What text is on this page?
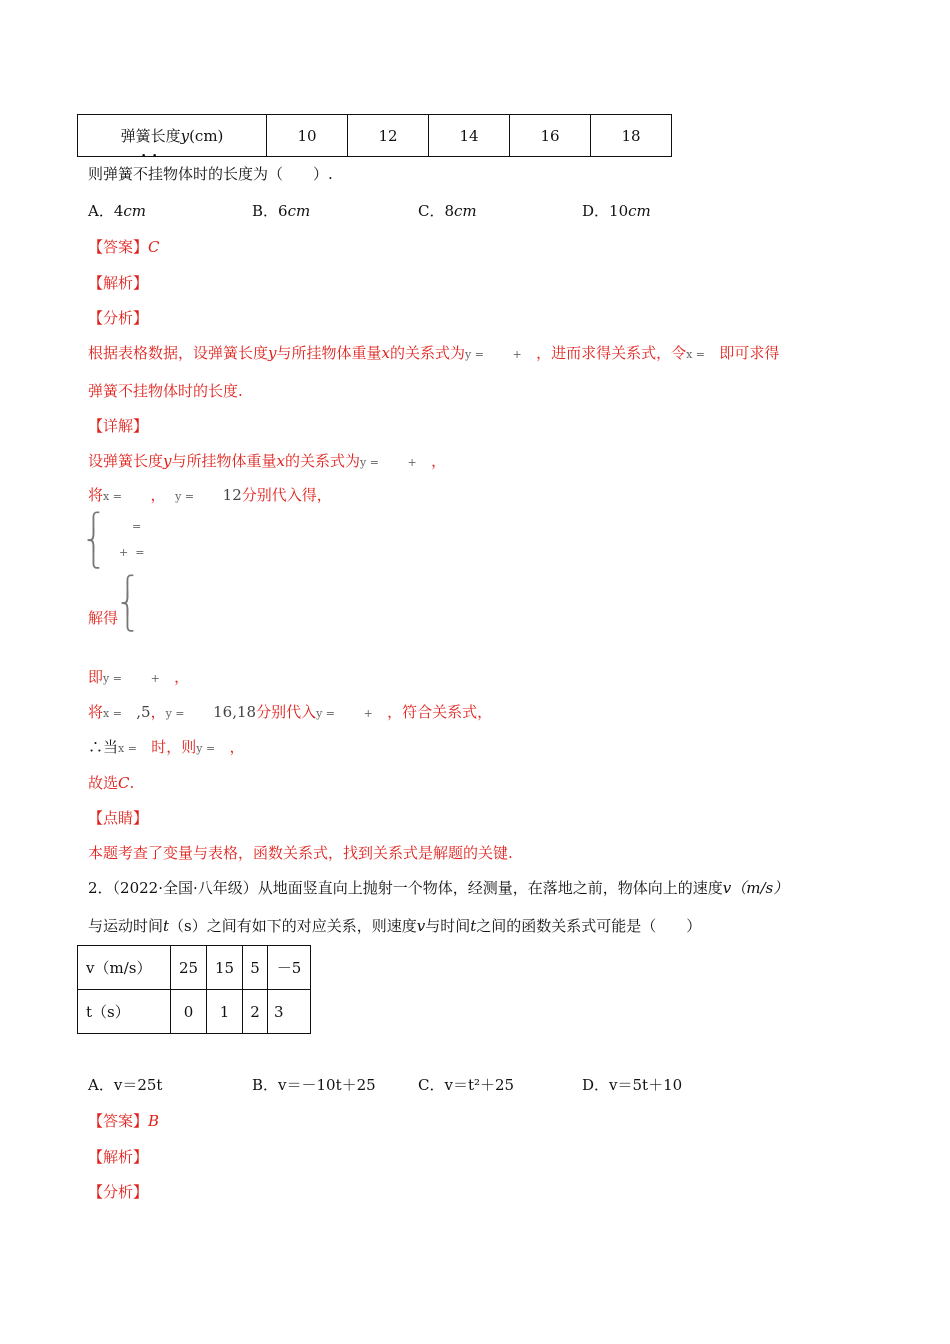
弹簧长度y(cm)	10	12	14	16	18
•  •
则弹簧不挂物体时的长度为（　　）.
A．4cm	B．6cm	C．8cm	D．10cm
【答案】C
【解析】
【分析】
根据表格数据，设弹簧长度y与所挂物体重量x的关系式为y =	+ ，进而求得关系式，令x = 即可求得
弹簧不挂物体时的长度.
【详解】
设弹簧长度y与所挂物体重量x的关系式为y =	+ ，
将x = ， y = 12分别代入得，
⎧
⎨
⎩
=
+ =
⎧
⎨
⎩
解得
即y =	+ ，
将x = ,5，y = 16,18分别代入y =	+ ，符合关系式，
∴当x = 时，则y = ，
故选C.
【点睛】
本题考查了变量与表格，函数关系式，找到关系式是解题的关键.
2．（2022·全国·八年级）从地面竖直向上抛射一个物体，经测量，在落地之前，物体向上的速度v（m/s）
与运动时间t（s）之间有如下的对应关系，则速度v与时间t之间的函数关系式可能是（　　）
v（m/s）	25	15	5	－5
t（s）	0	1	2	3
A．v＝25t	B．v＝－10t＋25	C．v＝t²＋25	D．v＝5t＋10
【答案】B
【解析】
【分析】
